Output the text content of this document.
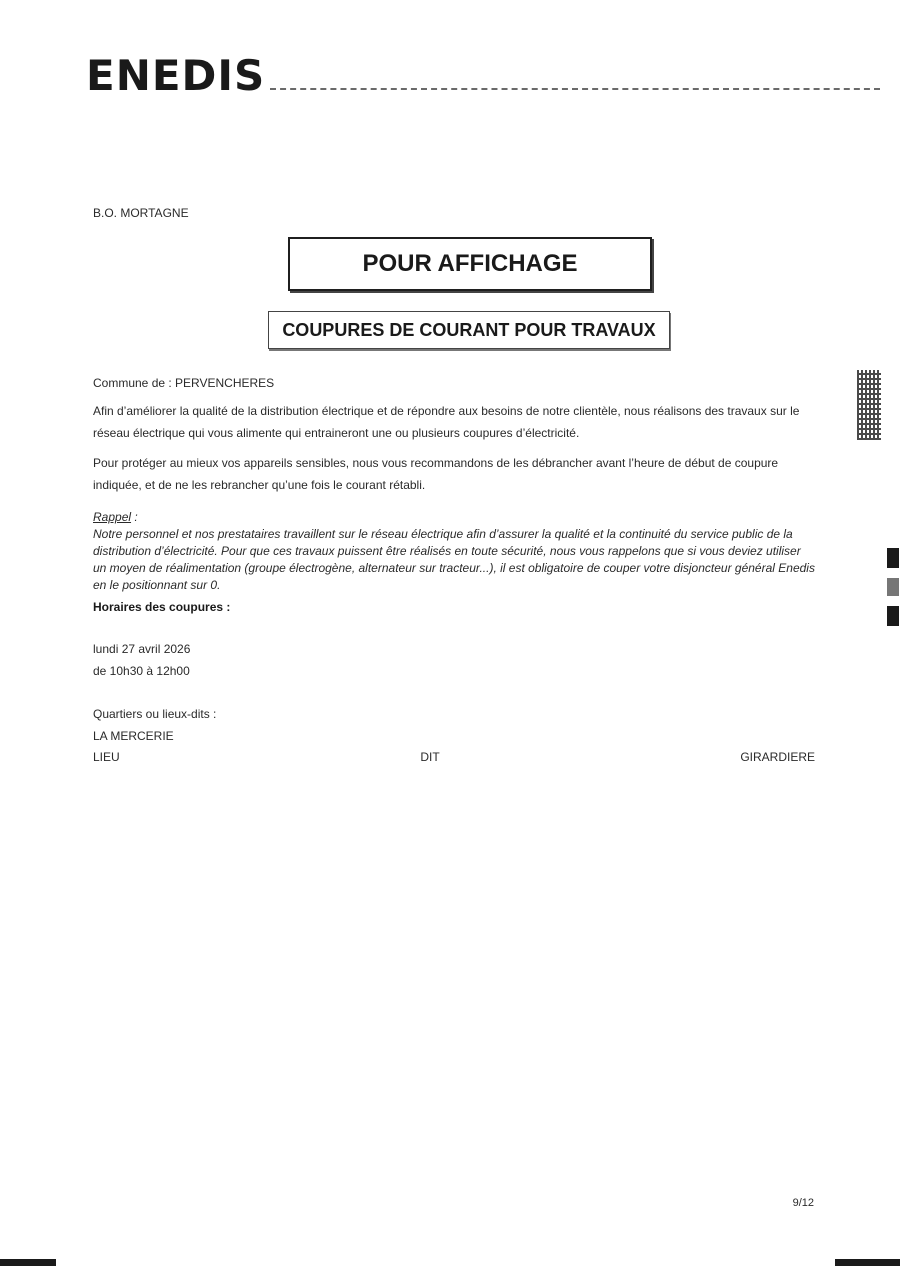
ENEDIS
B.O. MORTAGNE
POUR AFFICHAGE
COUPURES DE COURANT POUR TRAVAUX
Commune de : PERVENCHERES
Afin d’améliorer la qualité de la distribution électrique et de répondre aux besoins de notre clientèle, nous réalisons des travaux sur le réseau électrique qui vous alimente qui entraineront une ou plusieurs coupures d’électricité.
Pour protéger au mieux vos appareils sensibles, nous vous recommandons de les débrancher avant l’heure de début de coupure indiquée, et de ne les rebrancher qu’une fois le courant rétabli.
Rappel :
Notre personnel et nos prestataires travaillent sur le réseau électrique afin d’assurer la qualité et la continuité du service public de la distribution d’électricité. Pour que ces travaux puissent être réalisés en toute sécurité, nous vous rappelons que si vous deviez utiliser un moyen de réalimentation (groupe électrogène, alternateur sur tracteur...), il est obligatoire de couper votre disjoncteur général Enedis en le positionnant sur 0.
Horaires des coupures :
lundi 27 avril 2026
de 10h30 à 12h00
Quartiers ou lieux-dits :
LA MERCERIE
LIEU	DIT	GIRARDIERE
9/12
